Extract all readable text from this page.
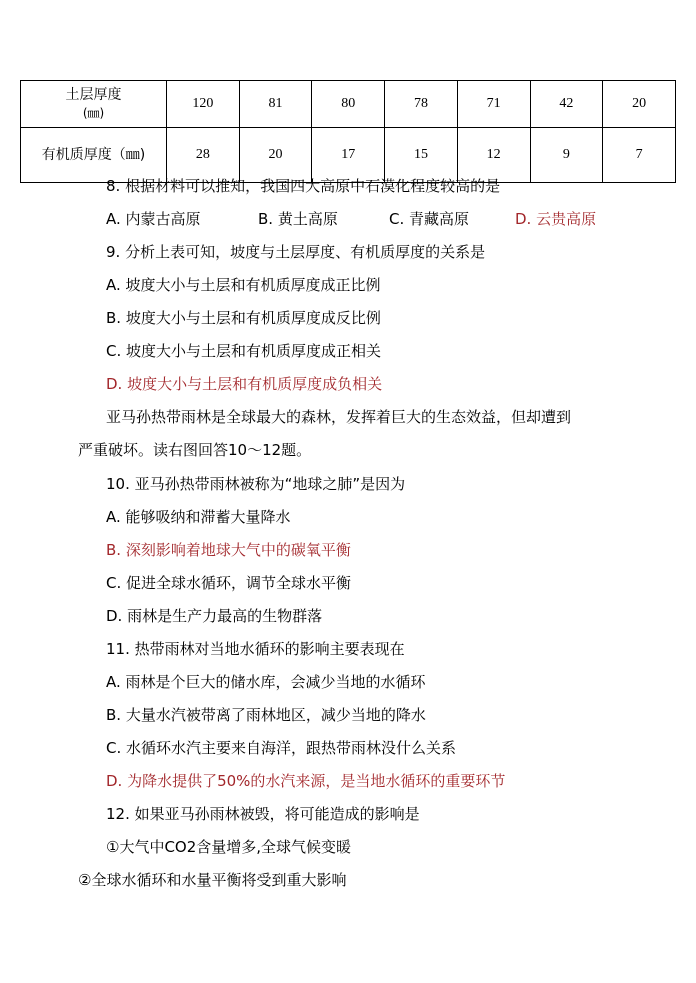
土层厚度
(㎜)	120	81	80	78	71	42	20
有机质厚度（㎜)	28	20	17	15	12	9	7
8. 根据材料可以推知，我国四大高原中石漠化程度较高的是
A. 内蒙古高原	B. 黄土高原	C. 青藏高原	D. 云贵高原
9. 分析上表可知，坡度与土层厚度、有机质厚度的关系是
A. 坡度大小与土层和有机质厚度成正比例
B. 坡度大小与土层和有机质厚度成反比例
C. 坡度大小与土层和有机质厚度成正相关
D. 坡度大小与土层和有机质厚度成负相关
亚马孙热带雨林是全球最大的森林，发挥着巨大的生态效益，但却遭到
严重破坏。读右图回答10～12题。
10. 亚马孙热带雨林被称为“地球之肺”是因为
A. 能够吸纳和滞蓄大量降水
B. 深刻影响着地球大气中的碳氧平衡
C. 促进全球水循环，调节全球水平衡
D. 雨林是生产力最高的生物群落
11. 热带雨林对当地水循环的影响主要表现在
A. 雨林是个巨大的储水库，会减少当地的水循环
B. 大量水汽被带离了雨林地区，减少当地的降水
C. 水循环水汽主要来自海洋，跟热带雨林没什么关系
D. 为降水提供了50%的水汽来源，是当地水循环的重要环节
12. 如果亚马孙雨林被毁，将可能造成的影响是
①大气中CO2含量增多,全球气候变暖
②全球水循环和水量平衡将受到重大影响
